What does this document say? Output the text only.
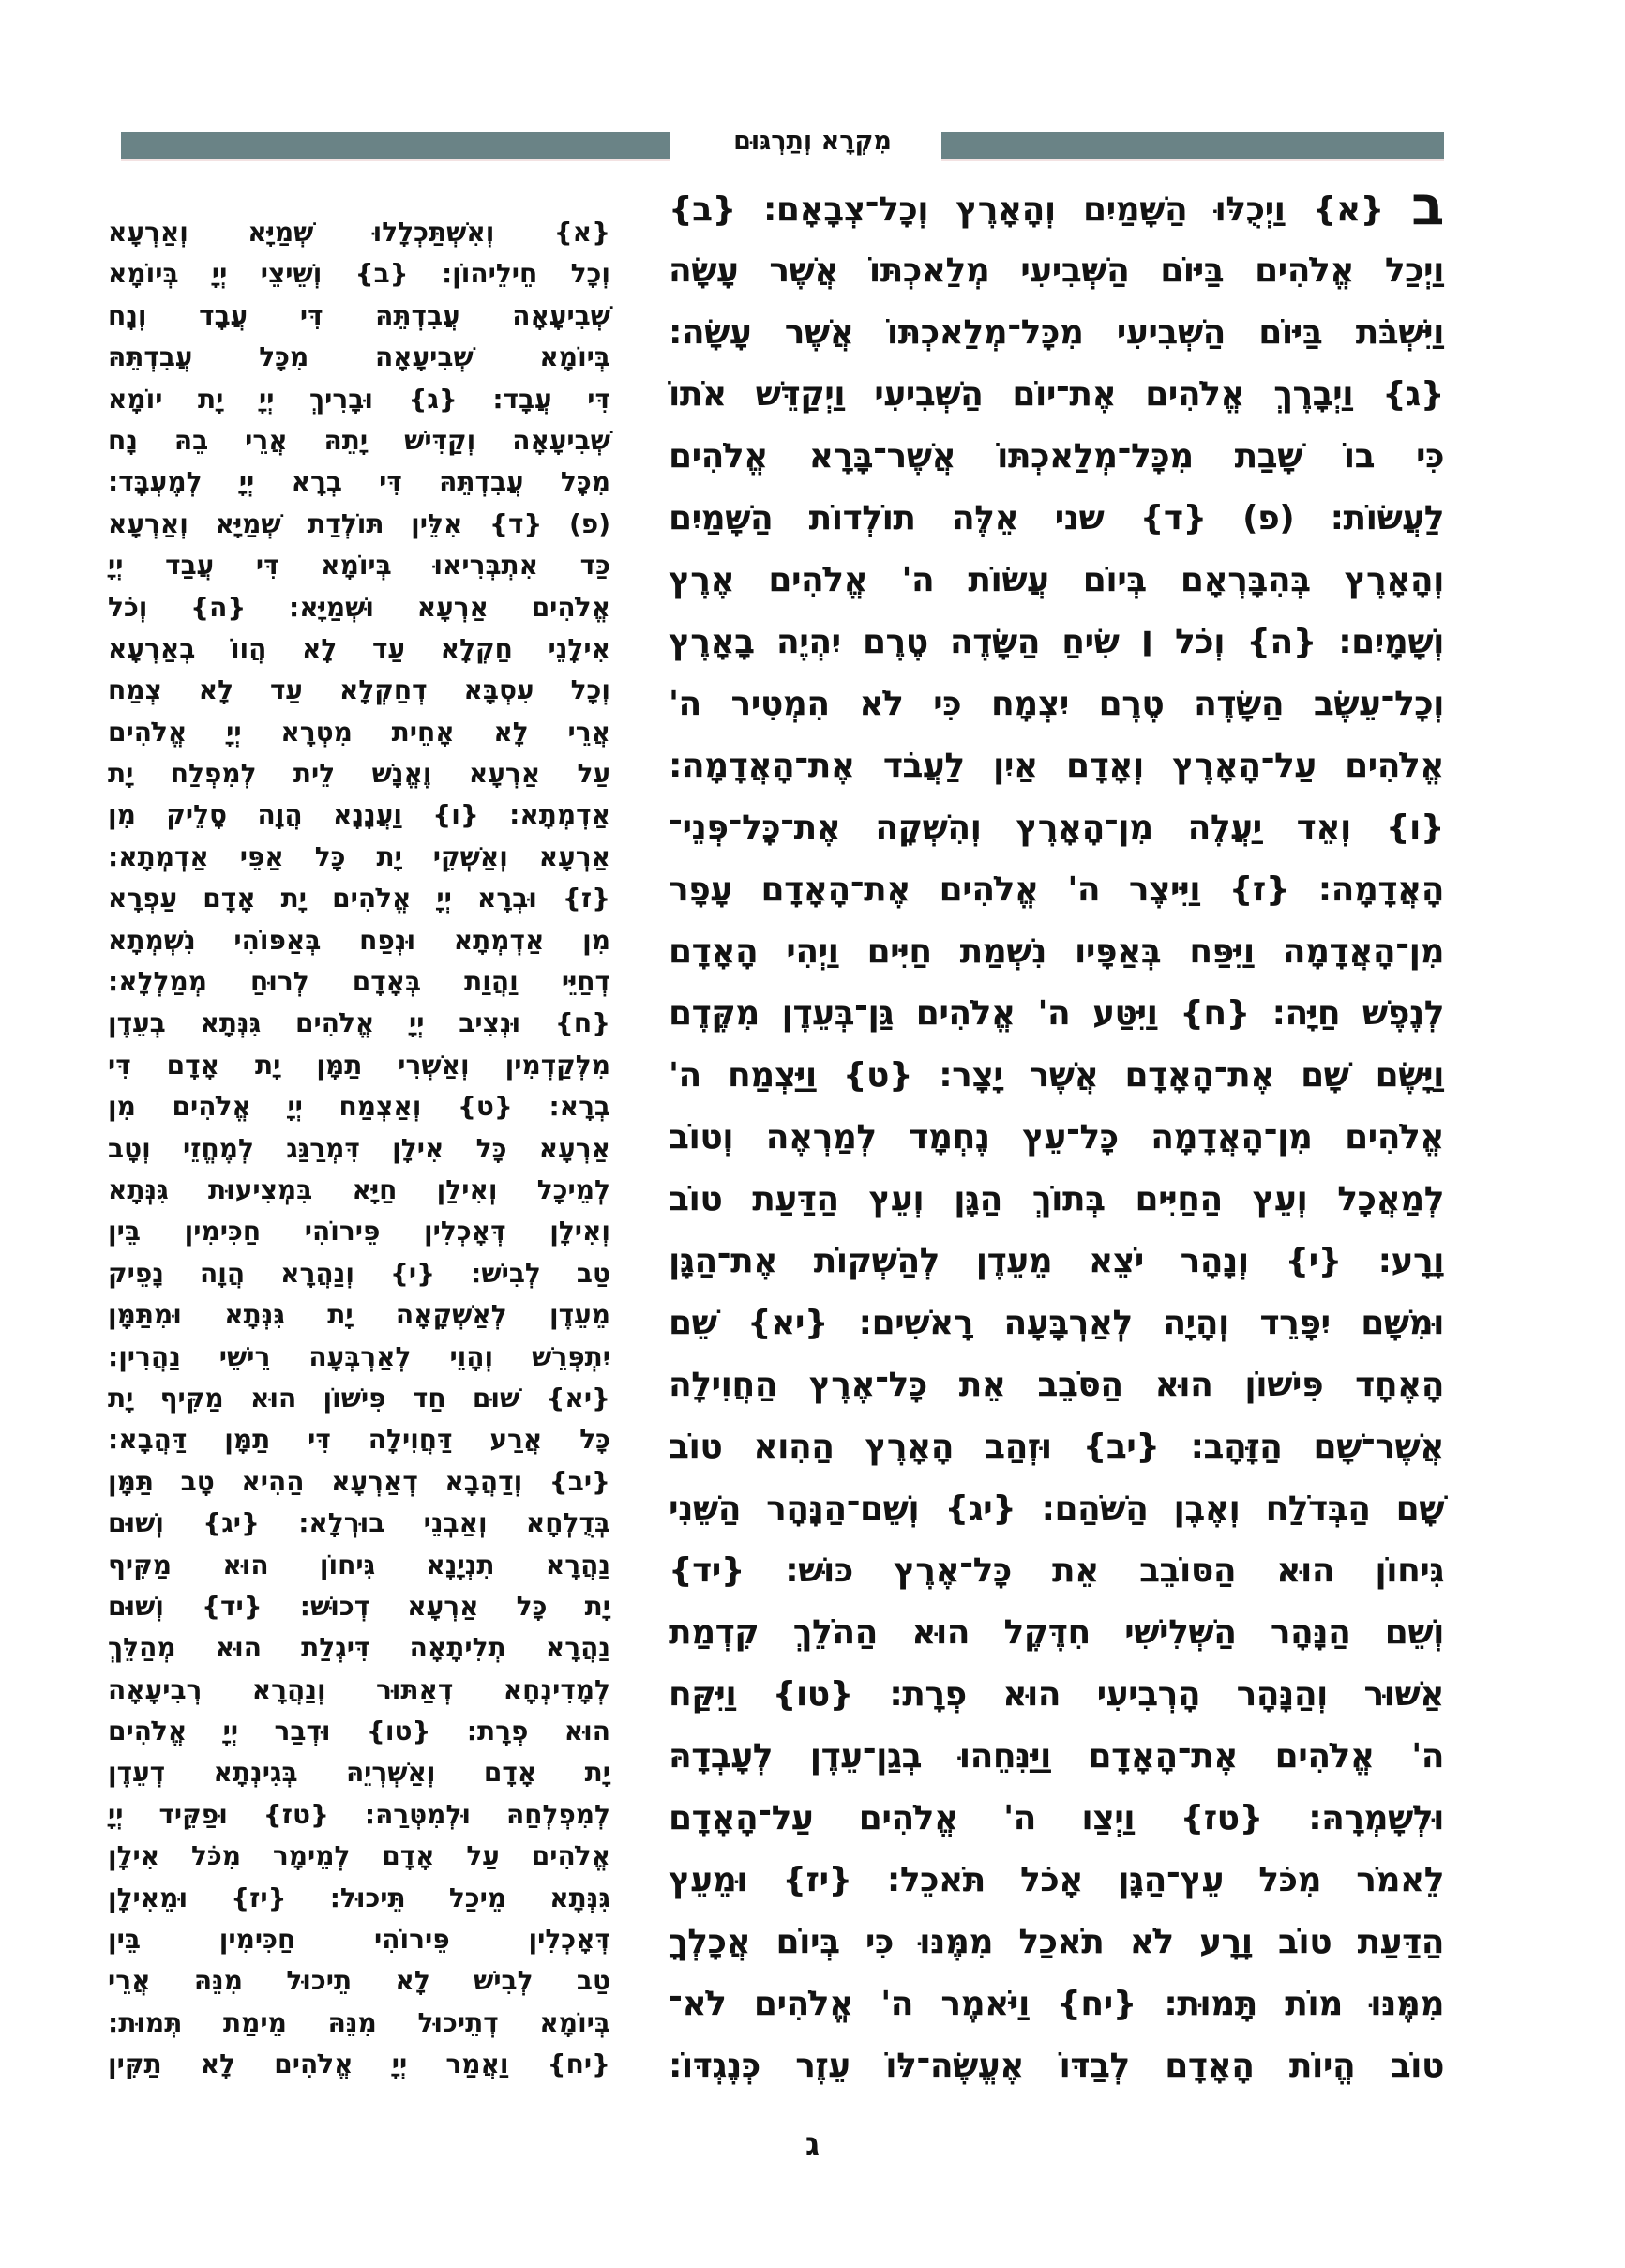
מִקְרָא וְתַרְגּוּם
{א} וְאִשְׁתַּכְלָלוּ שְׁמַיָּא וְאַרְעָא
וְכָל חֵילֵיהוֹן: {ב} וְשֵׁיצֵי יְיָ בְּיוֹמָא
שְׁבִיעָאָה עֲבִדְתֵּהּ דִּי עֲבָד וְנָח
בְּיוֹמָא שְׁבִיעָאָה מִכָּל עֲבִדְתֵּהּ
דִּי עֲבָד: {ג} וּבָרִיךְ יְיָ יָת יוֹמָא
שְׁבִיעָאָה וְקַדִּישׁ יָתֵהּ אֲרֵי בֵהּ נָח
מִכָּל עֲבִדְתֵּהּ דִּי בְרָא יְיָ לְמֶעְבָּד:
(פ) {ד} אִלֵּין תּוֹלְדַת שְׁמַיָּא וְאַרְעָא
כַּד אִתְבְּרִיאוּ בְּיוֹמָא דִּי עֲבַד יְיָ
אֱלֹהִים אַרְעָא וּשְׁמַיָּא: {ה} וְכֹל
אִילָנֵי חַקְלָא עַד לָא הֲווֹ בְאַרְעָא
וְכָל עִסְבָּא דְחַקְלָא עַד לָא צְמַח
אֲרֵי לָא אָחֵית מִטְרָא יְיָ אֱלֹהִים
עַל אַרְעָא וֶאֱנָשׁ לֵית לְמִפְלַח יָת
אַדְמְתָא: {ו} וַעֲנָנָא הֲוָה סָלֵיק מִן
אַרְעָא וְאַשְׁקֵי יָת כָּל אַפֵּי אַדְמְתָא:
{ז} וּבְרָא יְיָ אֱלֹהִים יָת אָדָם עַפְרָא
מִן אַדְמְתָא וּנְפַח בְּאַפּוֹהִי נִשְׁמְתָא
דְחַיֵּי וַהֲוַת בְּאָדָם לְרוּחַ מְמַלְלָא:
{ח} וּנְצִיב יְיָ אֱלֹהִים גִּנְּתָא בְעֵדֶן
מִלְּקַדְמִין וְאַשְׁרִי תַמָּן יָת אָדָם דִּי
בְרָא: {ט} וְאַצְמַח יְיָ אֱלֹהִים מִן
אַרְעָא כָּל אִילָן דִּמְרַגַּג לְמֶחֱזֵי וְטָב
לְמֵיכָל וְאִילַן חַיָּא בִּמְצִיעוּת גִּנְּתָא
וְאִילָן דְּאָכְלִין פֵּירוֹהִי חַכִּימִין בֵּין
טַב לְבִישׁ: {י} וְנַהֲרָא הֲוָה נָפֵיק
מֵעֵדֶן לְאַשְׁקָאָה יָת גִּנְּתָא וּמִתַּמָּן
יִתְפְּרֵשׁ וְהָוֵי לְאַרְבְּעָה רֵישֵׁי נַהֲרִין:
{יא} שׁוּם חַד פִּישׁוֹן הוּא מַקִּיף יָת
כָּל אֲרַע דַּחֲוִילָה דִּי תַמָּן דַּהֲבָא:
{יב} וְדַהֲבָא דְאַרְעָא הַהִיא טָב תַּמָּן
בְּדֻלְחָא וְאַבְנֵי בוּרְלָא: {יג} וְשׁוּם
נַהֲרָא תִנְיָנָא גִּיחוֹן הוּא מַקִּיף
יָת כָּל אַרְעָא דְכוּשׁ: {יד} וְשׁוּם
נַהֲרָא תְלִיתָאָה דִּיגְלַת הוּא מְהַלֵּךְ
לְמָדִינְחָא דְאַתּוּר וְנַהֲרָא רְבִיעָאָה
הוּא פְרָת: {טו} וּדְבַר יְיָ אֱלֹהִים
יָת אָדָם וְאַשְׁרְיֵהּ בְּגִינְתָא דְעֵדֶן
לְמִפְלְחַהּ וּלְמִטְּרַהּ: {טז} וּפַקֵּיד יְיָ
אֱלֹהִים עַל אָדָם לְמֵימָר מִכֹּל אִילָן
גִּנְּתָא מֵיכַל תֵּיכוּל: {יז} וּמֵאִילָן
דְּאָכְלִין פֵּירוֹהִי חַכִּימִין בֵּין
טַב לְבִישׁ לָא תֵיכוּל מִנֵּהּ אֲרֵי
בְּיוֹמָא דְתֵיכוּל מִנֵּהּ מֵימַת תְּמוּת:
{יח} וַאֲמַר יְיָ אֱלֹהִים לָא תַקִּין
ב {א} וַיְכֻלּוּ הַשָּׁמַיִם וְהָאָרֶץ וְכָל־צְבָאָם: {ב}
וַיְכַל אֱלֹהִים בַּיּוֹם הַשְּׁבִיעִי מְלַאכְתּוֹ אֲשֶׁר עָשָׂה
וַיִּשְׁבֹּת בַּיּוֹם הַשְּׁבִיעִי מִכָּל־מְלַאכְתּוֹ אֲשֶׁר עָשָׂה:
{ג} וַיְבָרֶךְ אֱלֹהִים אֶת־יוֹם הַשְּׁבִיעִי וַיְקַדֵּשׁ אֹתוֹ
כִּי בוֹ שָׁבַת מִכָּל־מְלַאכְתּוֹ אֲשֶׁר־בָּרָא אֱלֹהִים
לַעֲשׂוֹת: (פ) {ד} שני אֵלֶּה תוֹלְדוֹת הַשָּׁמַיִם
וְהָאָרֶץ בְּהִבָּרְאָם בְּיוֹם עֲשׂוֹת ה' אֱלֹהִים אֶרֶץ
וְשָׁמָיִם: {ה} וְכֹל ׀ שִׂיחַ הַשָּׂדֶה טֶרֶם יִהְיֶה בָאָרֶץ
וְכָל־עֵשֶׂב הַשָּׂדֶה טֶרֶם יִצְמָח כִּי לֹא הִמְטִיר ה'
אֱלֹהִים עַל־הָאָרֶץ וְאָדָם אַיִן לַעֲבֹד אֶת־הָאֲדָמָה:
{ו} וְאֵד יַעֲלֶה מִן־הָאָרֶץ וְהִשְׁקָה אֶת־כָּל־פְּנֵי־
הָאֲדָמָה: {ז} וַיִּיצֶר ה' אֱלֹהִים אֶת־הָאָדָם עָפָר
מִן־הָאֲדָמָה וַיִּפַּח בְּאַפָּיו נִשְׁמַת חַיִּים וַיְהִי הָאָדָם
לְנֶפֶשׁ חַיָּה: {ח} וַיִּטַּע ה' אֱלֹהִים גַּן־בְּעֵדֶן מִקֶּדֶם
וַיָּשֶׂם שָׁם אֶת־הָאָדָם אֲשֶׁר יָצָר: {ט} וַיַּצְמַח ה'
אֱלֹהִים מִן־הָאֲדָמָה כָּל־עֵץ נֶחְמָד לְמַרְאֶה וְטוֹב
לְמַאֲכָל וְעֵץ הַחַיִּים בְּתוֹךְ הַגָּן וְעֵץ הַדַּעַת טוֹב
וָרָע: {י} וְנָהָר יֹצֵא מֵעֵדֶן לְהַשְׁקוֹת אֶת־הַגָּן
וּמִשָּׁם יִפָּרֵד וְהָיָה לְאַרְבָּעָה רָאשִׁים: {יא} שֵׁם
הָאֶחָד פִּישׁוֹן הוּא הַסֹּבֵב אֵת כָּל־אֶרֶץ הַחֲוִילָה
אֲשֶׁר־שָׁם הַזָּהָב: {יב} וּזְהַב הָאָרֶץ הַהִוא טוֹב
שָׁם הַבְּדֹלַח וְאֶבֶן הַשֹּׁהַם: {יג} וְשֵׁם־הַנָּהָר הַשֵּׁנִי
גִּיחוֹן הוּא הַסּוֹבֵב אֵת כָּל־אֶרֶץ כּוּשׁ: {יד}
וְשֵׁם הַנָּהָר הַשְּׁלִישִׁי חִדֶּקֶל הוּא הַהֹלֵךְ קִדְמַת
אַשּׁוּר וְהַנָּהָר הָרְבִיעִי הוּא פְרָת: {טו} וַיִּקַּח
ה' אֱלֹהִים אֶת־הָאָדָם וַיַּנִּחֵהוּ בְגַן־עֵדֶן לְעָבְדָהּ
וּלְשָׁמְרָהּ: {טז} וַיְצַו ה' אֱלֹהִים עַל־הָאָדָם
לֵאמֹר מִכֹּל עֵץ־הַגָּן אָכֹל תֹּאכֵל: {יז} וּמֵעֵץ
הַדַּעַת טוֹב וָרָע לֹא תֹאכַל מִמֶּנּוּ כִּי בְּיוֹם אֲכָלְךָ
מִמֶּנּוּ מוֹת תָּמוּת: {יח} וַיֹּאמֶר ה' אֱלֹהִים לֹא־
טוֹב הֱיוֹת הָאָדָם לְבַדּוֹ אֶעֱשֶׂה־לּוֹ עֵזֶר כְּנֶגְדּוֹ:
ג
